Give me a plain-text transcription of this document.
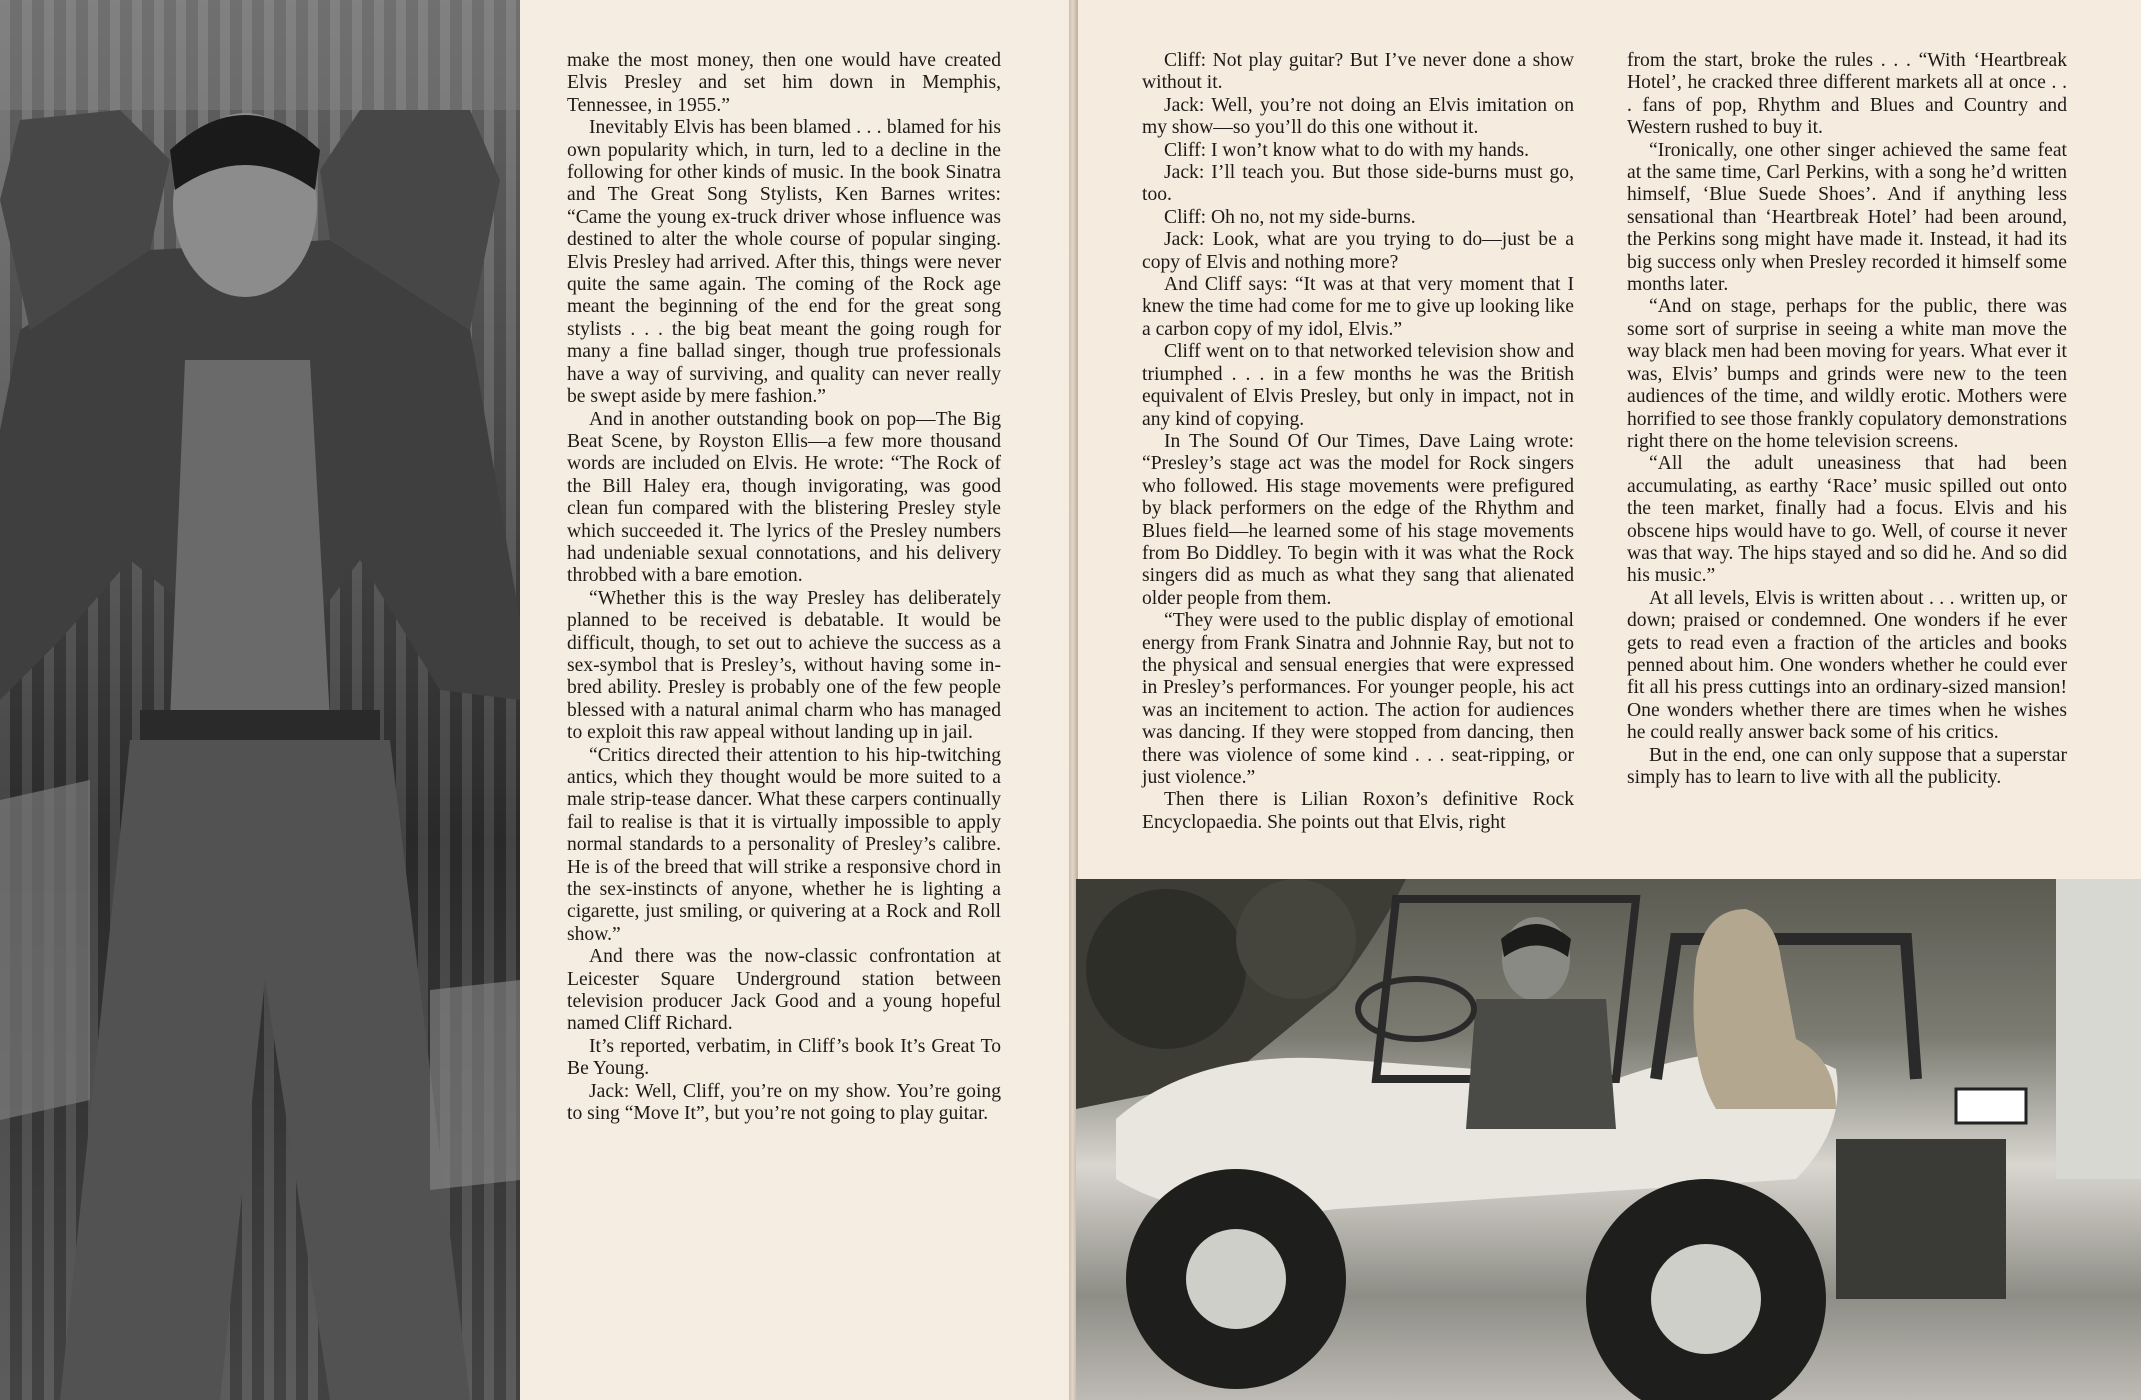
make the most money, then one would have created Elvis Presley and set him down in Memphis, Tennessee, in 1955.”

Inevitably Elvis has been blamed . . . blamed for his own popularity which, in turn, led to a decline in the following for other kinds of music. In the book Sinatra and The Great Song Stylists, Ken Barnes writes: “Came the young ex-truck driver whose influence was destined to alter the whole course of popular singing. Elvis Presley had arrived. After this, things were never quite the same again. The coming of the Rock age meant the beginning of the end for the great song stylists . . . the big beat meant the going rough for many a fine ballad singer, though true professionals have a way of surviving, and quality can never really be swept aside by mere fashion.”

And in another outstanding book on pop—The Big Beat Scene, by Royston Ellis—a few more thousand words are included on Elvis. He wrote: “The Rock of the Bill Haley era, though invigorating, was good clean fun compared with the blistering Presley style which succeeded it. The lyrics of the Presley numbers had undeniable sexual connotations, and his delivery throbbed with a bare emotion.

“Whether this is the way Presley has deliberately planned to be received is debatable. It would be difficult, though, to set out to achieve the success as a sex-symbol that is Presley’s, without having some in-bred ability. Presley is probably one of the few people blessed with a natural animal charm who has managed to exploit this raw appeal without landing up in jail.

“Critics directed their attention to his hip-twitching antics, which they thought would be more suited to a male strip-tease dancer. What these carpers continually fail to realise is that it is virtually impossible to apply normal standards to a personality of Presley’s calibre. He is of the breed that will strike a responsive chord in the sex-instincts of anyone, whether he is lighting a cigarette, just smiling, or quivering at a Rock and Roll show.”

And there was the now-classic confrontation at Leicester Square Underground station between television producer Jack Good and a young hopeful named Cliff Richard.

It’s reported, verbatim, in Cliff’s book It’s Great To Be Young.

Jack: Well, Cliff, you’re on my show. You’re going to sing “Move It”, but you’re not going to play guitar.

Cliff: Not play guitar? But I’ve never done a show without it.

Jack: Well, you’re not doing an Elvis imitation on my show—so you’ll do this one without it.

Cliff: I won’t know what to do with my hands.

Jack: I’ll teach you. But those side-burns must go, too.

Cliff: Oh no, not my side-burns.

Jack: Look, what are you trying to do—just be a copy of Elvis and nothing more?

And Cliff says: “It was at that very moment that I knew the time had come for me to give up looking like a carbon copy of my idol, Elvis.”

Cliff went on to that networked television show and triumphed . . . in a few months he was the British equivalent of Elvis Presley, but only in impact, not in any kind of copying.

In The Sound Of Our Times, Dave Laing wrote: “Presley’s stage act was the model for Rock singers who followed. His stage movements were prefigured by black performers on the edge of the Rhythm and Blues field—he learned some of his stage movements from Bo Diddley. To begin with it was what the Rock singers did as much as what they sang that alienated older people from them.

“They were used to the public display of emotional energy from Frank Sinatra and Johnnie Ray, but not to the physical and sensual energies that were expressed in Presley’s performances. For younger people, his act was an incitement to action. The action for audiences was dancing. If they were stopped from dancing, then there was violence of some kind . . . seat-ripping, or just violence.”

Then there is Lilian Roxon’s definitive Rock Encyclopaedia. She points out that Elvis, right

from the start, broke the rules . . . “With ‘Heartbreak Hotel’, he cracked three different markets all at once . . . fans of pop, Rhythm and Blues and Country and Western rushed to buy it.

“Ironically, one other singer achieved the same feat at the same time, Carl Perkins, with a song he’d written himself, ‘Blue Suede Shoes’. And if anything less sensational than ‘Heartbreak Hotel’ had been around, the Perkins song might have made it. Instead, it had its big success only when Presley recorded it himself some months later.

“And on stage, perhaps for the public, there was some sort of surprise in seeing a white man move the way black men had been moving for years. What ever it was, Elvis’ bumps and grinds were new to the teen audiences of the time, and wildly erotic. Mothers were horrified to see those frankly copulatory demonstrations right there on the home television screens.

“All the adult uneasiness that had been accumulating, as earthy ‘Race’ music spilled out onto the teen market, finally had a focus. Elvis and his obscene hips would have to go. Well, of course it never was that way. The hips stayed and so did he. And so did his music.”

At all levels, Elvis is written about . . . written up, or down; praised or condemned. One wonders if he ever gets to read even a fraction of the articles and books penned about him. One wonders whether he could ever fit all his press cuttings into an ordinary-sized mansion! One wonders whether there are times when he wishes he could really answer back some of his critics.

But in the end, one can only suppose that a superstar simply has to learn to live with all the publicity.
